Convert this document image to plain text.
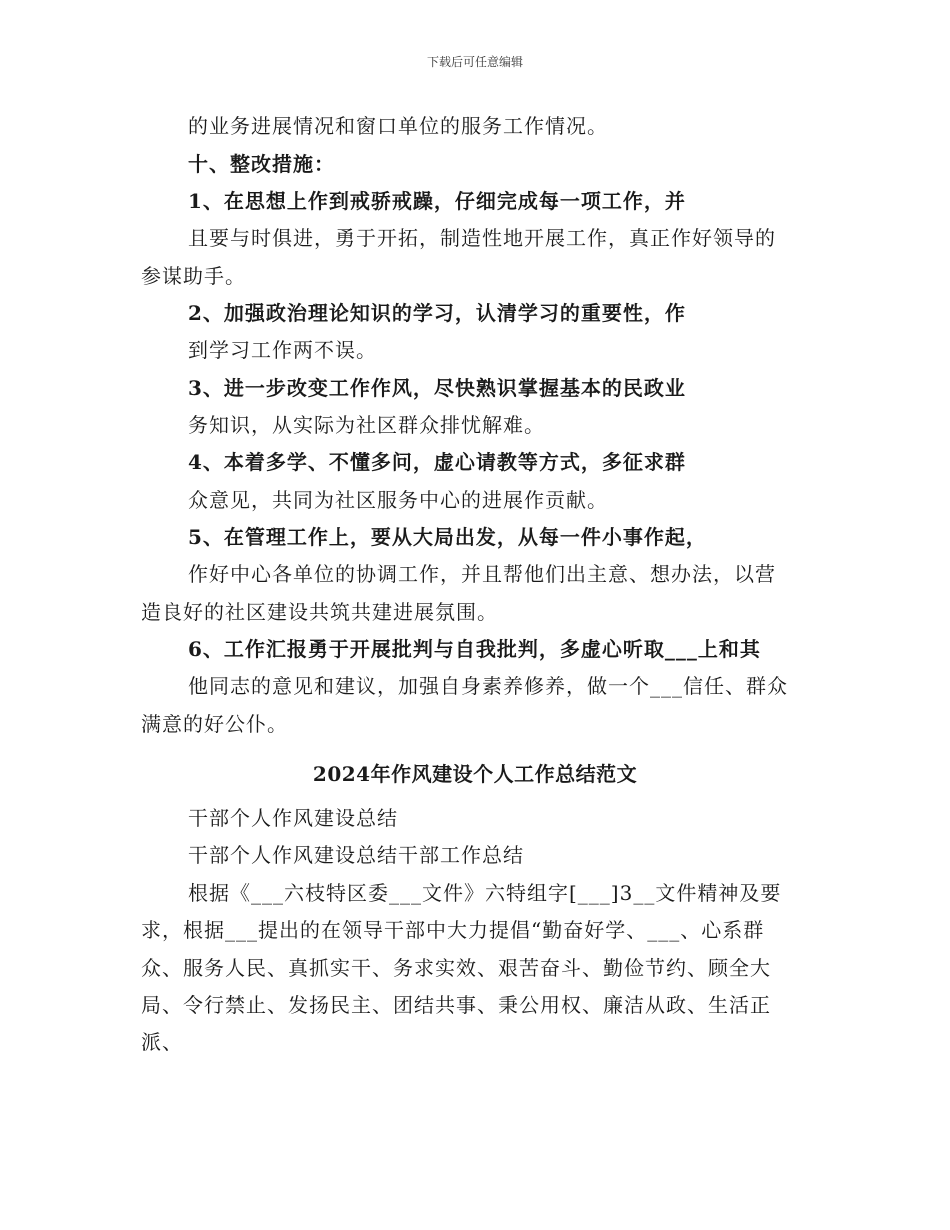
下载后可任意编辑
的业务进展情况和窗口单位的服务工作情况。
十、整改措施：
1、在思想上作到戒骄戒躁，仔细完成每一项工作，并
且要与时俱进，勇于开拓，制造性地开展工作，真正作好领导的
参谋助手。
2、加强政治理论知识的学习，认清学习的重要性，作
到学习工作两不误。
3、进一步改变工作作风，尽快熟识掌握基本的民政业
务知识，从实际为社区群众排忧解难。
4、本着多学、不懂多问，虚心请教等方式，多征求群
众意见，共同为社区服务中心的进展作贡献。
5、在管理工作上，要从大局出发，从每一件小事作起，
作好中心各单位的协调工作，并且帮他们出主意、想办法，以营
造良好的社区建设共筑共建进展氛围。
6、工作汇报勇于开展批判与自我批判，多虚心听取___上和其
他同志的意见和建议，加强自身素养修养，做一个___信任、群众
满意的好公仆。
2024年作风建设个人工作总结范文
干部个人作风建设总结
干部个人作风建设总结干部工作总结
根据《___六枝特区委___文件》六特组字[___]3__文件精神及要
求，根据___提出的在领导干部中大力提倡“勤奋好学、___、心系群
众、服务人民、真抓实干、务求实效、艰苦奋斗、勤俭节约、顾全大
局、令行禁止、发扬民主、团结共事、秉公用权、廉洁从政、生活正
派、
